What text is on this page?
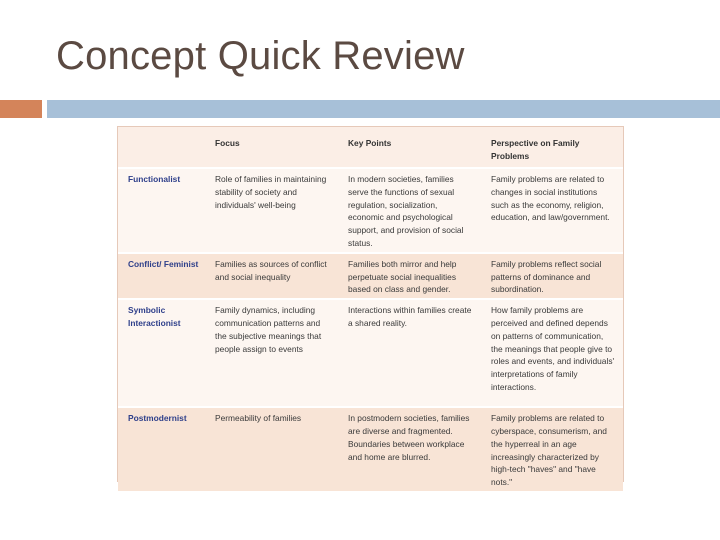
Concept Quick Review
	Focus	Key Points	Perspective on Family Problems
Functionalist	Role of families in maintaining stability of society and individuals' well-being	In modern societies, families serve the functions of sexual regulation, socialization, economic and psychological support, and provision of social status.	Family problems are related to changes in social institutions such as the economy, religion, education, and law/government.
Conflict/ Feminist	Families as sources of conflict and social inequality	Families both mirror and help perpetuate social inequalities based on class and gender.	Family problems reflect social patterns of dominance and subordination.
Symbolic Interactionist	Family dynamics, including communication patterns and the subjective meanings that people assign to events	Interactions within families create a shared reality.	How family problems are perceived and defined depends on patterns of communication, the meanings that people give to roles and events, and individuals' interpretations of family interactions.
Postmodernist	Permeability of families	In postmodern societies, families are diverse and fragmented. Boundaries between workplace and home are blurred.	Family problems are related to cyberspace, consumerism, and the hyperreal in an age increasingly characterized by high-tech "haves" and "have nots."
